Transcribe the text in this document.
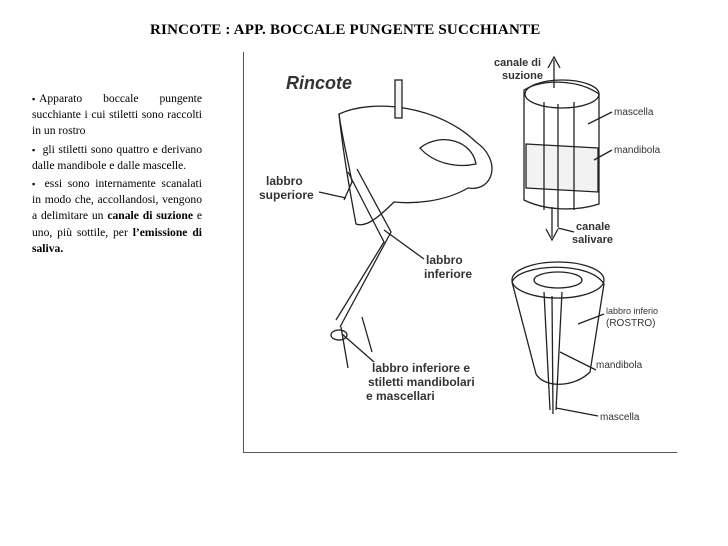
RINCOTE : APP. BOCCALE PUNGENTE SUCCHIANTE

▪ Apparato boccale pungente succhiante i cui stiletti sono raccolti in un rostro

▪ gli stiletti sono quattro e derivano dalle mandibole e dalle mascelle.

▪ essi sono internamente scanalati in modo che, accollandosi, vengono a delimitare un canale di suzione e uno, più sottile, per l’emissione di saliva.

Rincote
labbro
superiore
labbro
inferiore
labbro inferiore e
stiletti mandibolari
e mascellari
canale di
suzione
mascella
mandibola
canale
salivare
labbro inferio
(ROSTRO)
mandibola
mascella
